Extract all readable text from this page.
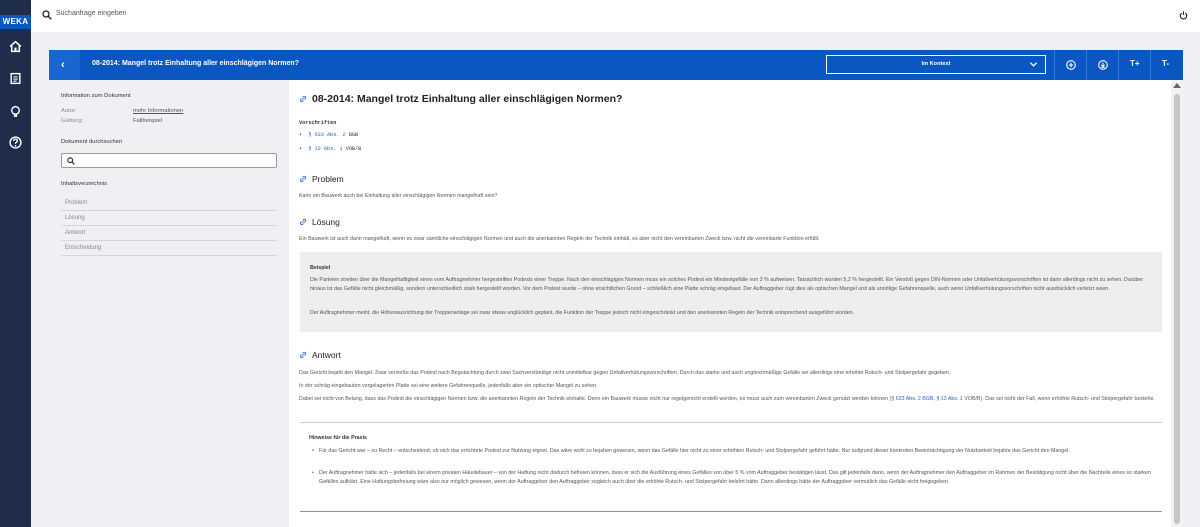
WEKA
Suchanfrage eingeben
‹	08-2014: Mangel trotz Einhaltung aller einschlägigen Normen?	Im Kontext	T+	T-
Information zum Dokument
Autor:	mehr Informationen
Gattung:	Fallbeispiel
Dokument durchsuchen
Inhaltsverzeichnis
Problem
Lösung
Antwort
Entscheidung
08-2014: Mangel trotz Einhaltung aller einschlägigen Normen?
Vorschriften
•  § 633 Abs. 2 BGB
•  § 13 Abs. 1 VOB/B
Problem
Kann ein Bauwerk auch bei Einhaltung aller einschlägigen Normen mangelhaft sein?
Lösung
Ein Bauwerk ist auch dann mangelhaft, wenn es zwar sämtliche einschlägigen Normen und auch die anerkannten Regeln der Technik einhält, es aber nicht den vereinbarten Zweck bzw. nicht die vereinbarte Funktion erfüllt.
Beispiel
Die Parteien streiten über die Mangelhaftigkeit eines vom Auftragnehmer hergestellten Podests einer Treppe. Nach den einschlägigen Normen muss ein solches Podest ein Mindestgefälle von 3 % aufweisen. Tatsächlich wurden 5,2 % hergestellt. Ein Verstoß gegen DIN-Normen oder Unfallverhütungsvorschriften ist darin allerdings nicht zu sehen. Darüber hinaus ist das Gefälle nicht gleichmäßig, sondern unterschiedlich stark hergestellt worden. Vor dem Podest wurde – ohne ersichtlichen Grund – schließlich eine Platte schräg eingebaut. Der Auftraggeber rügt dies als optischen Mangel und als unnötige Gefahrenquelle, auch wenn Unfallverhütungsvorschriften nicht ausdrücklich verletzt seien.
Der Auftragnehmer meint, die Höhenausrichtung der Treppenanlage sei zwar etwas unglücklich geplant, die Funktion der Treppe jedoch nicht eingeschränkt und den anerkannten Regeln der Technik entsprechend ausgeführt worden.
Antwort
Das Gericht bejaht den Mangel. Zwar verstoße das Podest nach Begutachtung durch zwei Sachverständige nicht unmittelbar gegen Unfallverhütungsvorschriften. Durch das starke und auch ungleichmäßige Gefälle sei allerdings eine erhöhte Rutsch- und Stolpergefahr gegeben.
In der schräg eingebauten vorgelagerten Platte sei eine weitere Gefahrenquelle, jedenfalls aber ein optischer Mangel zu sehen.
Dabei sei nicht von Belang, dass das Podest die einschlägigen Normen bzw. die anerkannten Regeln der Technik einhalte. Denn ein Bauwerk müsse nicht nur regelgerecht erstellt werden, es muss auch zum vereinbarten Zweck genutzt werden können (§ 633 Abs. 2 BGB, § 13 Abs. 1 VOB/B). Das sei nicht der Fall, wenn erhöhte Rutsch- und Stolpergefahr bestehe.
Hinweise für die Praxis
• Für das Gericht war – zu Recht – entscheidend, ob sich das errichtete Podest zur Nutzung eignet. Das wäre wohl zu bejahen gewesen, wenn das Gefälle hier nicht zu einer erhöhten Rutsch- und Stolpergefahr geführt hätte. Nur aufgrund dieser konkreten Beeinträchtigung der Nutzbarkeit bejahte das Gericht den Mangel.
• Der Auftragnehmer hätte sich – jedenfalls bei einem privaten Häuslebauer – von der Haftung nicht dadurch befreien können, dass er sich die Ausführung eines Gefälles von über 5 % vom Auftraggeber bestätigen lässt. Das gilt jedenfalls dann, wenn der Auftragnehmer den Auftraggeber im Rahmen der Bestätigung nicht über die Nachteile eines so starken Gefälles aufklärt. Eine Haftungsbefreiung wäre also nur möglich gewesen, wenn der Auftraggeber den Auftraggeber sogleich auch über die erhöhte Rutsch- und Stolpergefahr belehrt hätte. Dann allerdings hätte der Auftraggeber vermutlich das Gefälle nicht freigegeben.
